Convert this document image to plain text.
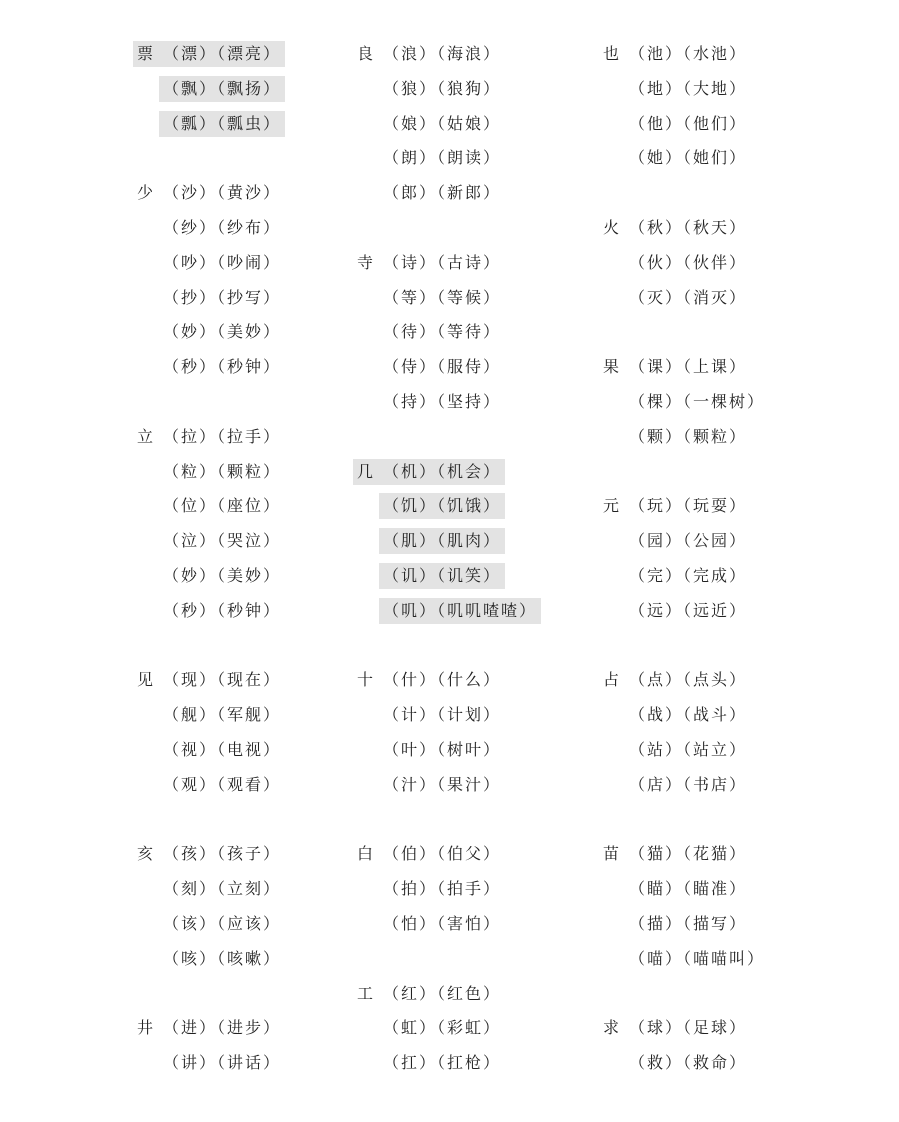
票 （漂）（漂亮）
（飘）（飘扬）
（瓢）（瓢虫）
少 （沙）（黄沙）
（纱）（纱布）
（吵）（吵闹）
（抄）（抄写）
（妙）（美妙）
（秒）（秒钟）
立 （拉）（拉手）
（粒）（颗粒）
（位）（座位）
（泣）（哭泣）
（妙）（美妙）
（秒）（秒钟）
见 （现）（现在）
（舰）（军舰）
（视）（电视）
（观）（观看）
亥 （孩）（孩子）
（刻）（立刻）
（该）（应该）
（咳）（咳嗽）
井 （进）（进步）
（讲）（讲话）
良 （浪）（海浪）
（狼）（狼狗）
（娘）（姑娘）
（朗）（朗读）
（郎）（新郎）
寺 （诗）（古诗）
（等）（等候）
（待）（等待）
（侍）（服侍）
（持）（坚持）
几 （机）（机会）
（饥）（饥饿）
（肌）（肌肉）
（讥）（讥笑）
（叽）（叽叽喳喳）
十 （什）（什么）
（计）（计划）
（叶）（树叶）
（汁）（果汁）
白 （伯）（伯父）
（拍）（拍手）
（怕）（害怕）
工 （红）（红色）
（虹）（彩虹）
（扛）（扛枪）
也 （池）（水池）
（地）（大地）
（他）（他们）
（她）（她们）
火 （秋）（秋天）
（伙）（伙伴）
（灭）（消灭）
果 （课）（上课）
（棵）（一棵树）
（颗）（颗粒）
元 （玩）（玩耍）
（园）（公园）
（完）（完成）
（远）（远近）
占 （点）（点头）
（战）（战斗）
（站）（站立）
（店）（书店）
苗 （猫）（花猫）
（瞄）（瞄准）
（描）（描写）
（喵）（喵喵叫）
求 （球）（足球）
（救）（救命）
